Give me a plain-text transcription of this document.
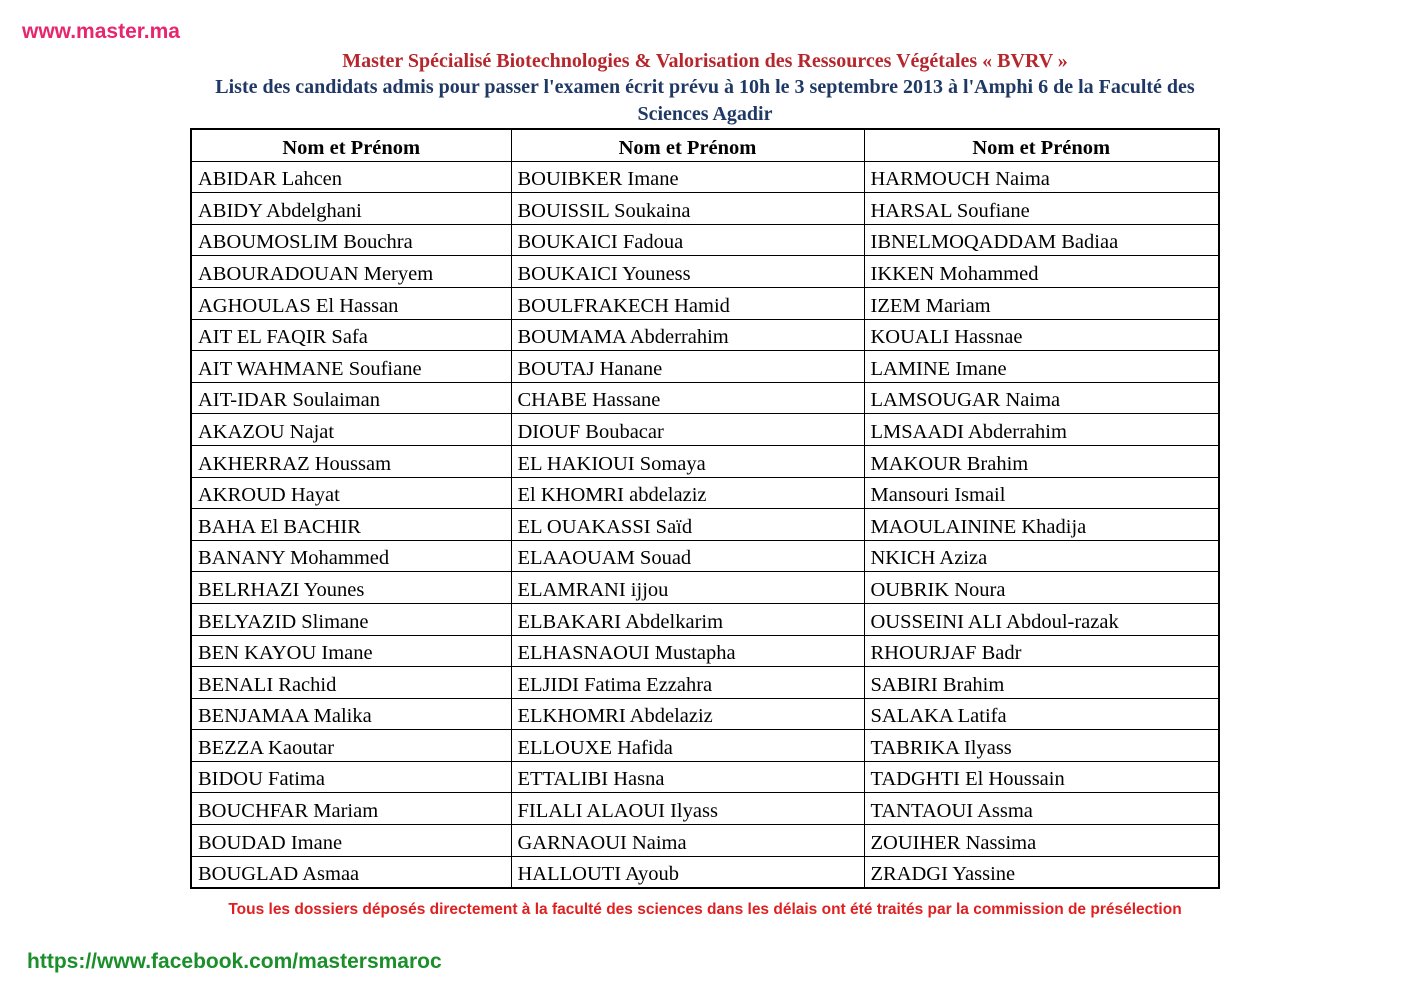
www.master.ma
Master Spécialisé Biotechnologies & Valorisation des Ressources Végétales « BVRV »
Liste des candidats admis pour passer l'examen écrit prévu à 10h le 3 septembre 2013 à l'Amphi 6 de la Faculté des Sciences Agadir
Nom et Prénom	Nom et Prénom	Nom et Prénom
ABIDAR Lahcen	BOUIBKER Imane	HARMOUCH Naima
ABIDY Abdelghani	BOUISSIL Soukaina	HARSAL Soufiane
ABOUMOSLIM Bouchra	BOUKAICI Fadoua	IBNELMOQADDAM Badiaa
ABOURADOUAN Meryem	BOUKAICI Youness	IKKEN Mohammed
AGHOULAS El Hassan	BOULFRAKECH Hamid	IZEM Mariam
AIT EL FAQIR Safa	BOUMAMA Abderrahim	KOUALI Hassnae
AIT WAHMANE Soufiane	BOUTAJ Hanane	LAMINE Imane
AIT-IDAR Soulaiman	CHABE Hassane	LAMSOUGAR Naima
AKAZOU Najat	DIOUF Boubacar	LMSAADI Abderrahim
AKHERRAZ Houssam	EL HAKIOUI Somaya	MAKOUR Brahim
AKROUD Hayat	El KHOMRI abdelaziz	Mansouri Ismail
BAHA El BACHIR	EL OUAKASSI Saïd	MAOULAININE Khadija
BANANY Mohammed	ELAAOUAM Souad	NKICH Aziza
BELRHAZI Younes	ELAMRANI ijjou	OUBRIK Noura
BELYAZID Slimane	ELBAKARI Abdelkarim	OUSSEINI ALI Abdoul-razak
BEN KAYOU Imane	ELHASNAOUI Mustapha	RHOURJAF Badr
BENALI Rachid	ELJIDI Fatima Ezzahra	SABIRI Brahim
BENJAMAA Malika	ELKHOMRI Abdelaziz	SALAKA Latifa
BEZZA Kaoutar	ELLOUXE Hafida	TABRIKA Ilyass
BIDOU Fatima	ETTALIBI Hasna	TADGHTI El Houssain
BOUCHFAR Mariam	FILALI ALAOUI Ilyass	TANTAOUI Assma
BOUDAD Imane	GARNAOUI Naima	ZOUIHER Nassima
BOUGLAD Asmaa	HALLOUTI Ayoub	ZRADGI Yassine
Tous les dossiers déposés directement à la faculté des sciences dans les délais ont été traités par la commission de présélection
https://www.facebook.com/mastersmaroc
